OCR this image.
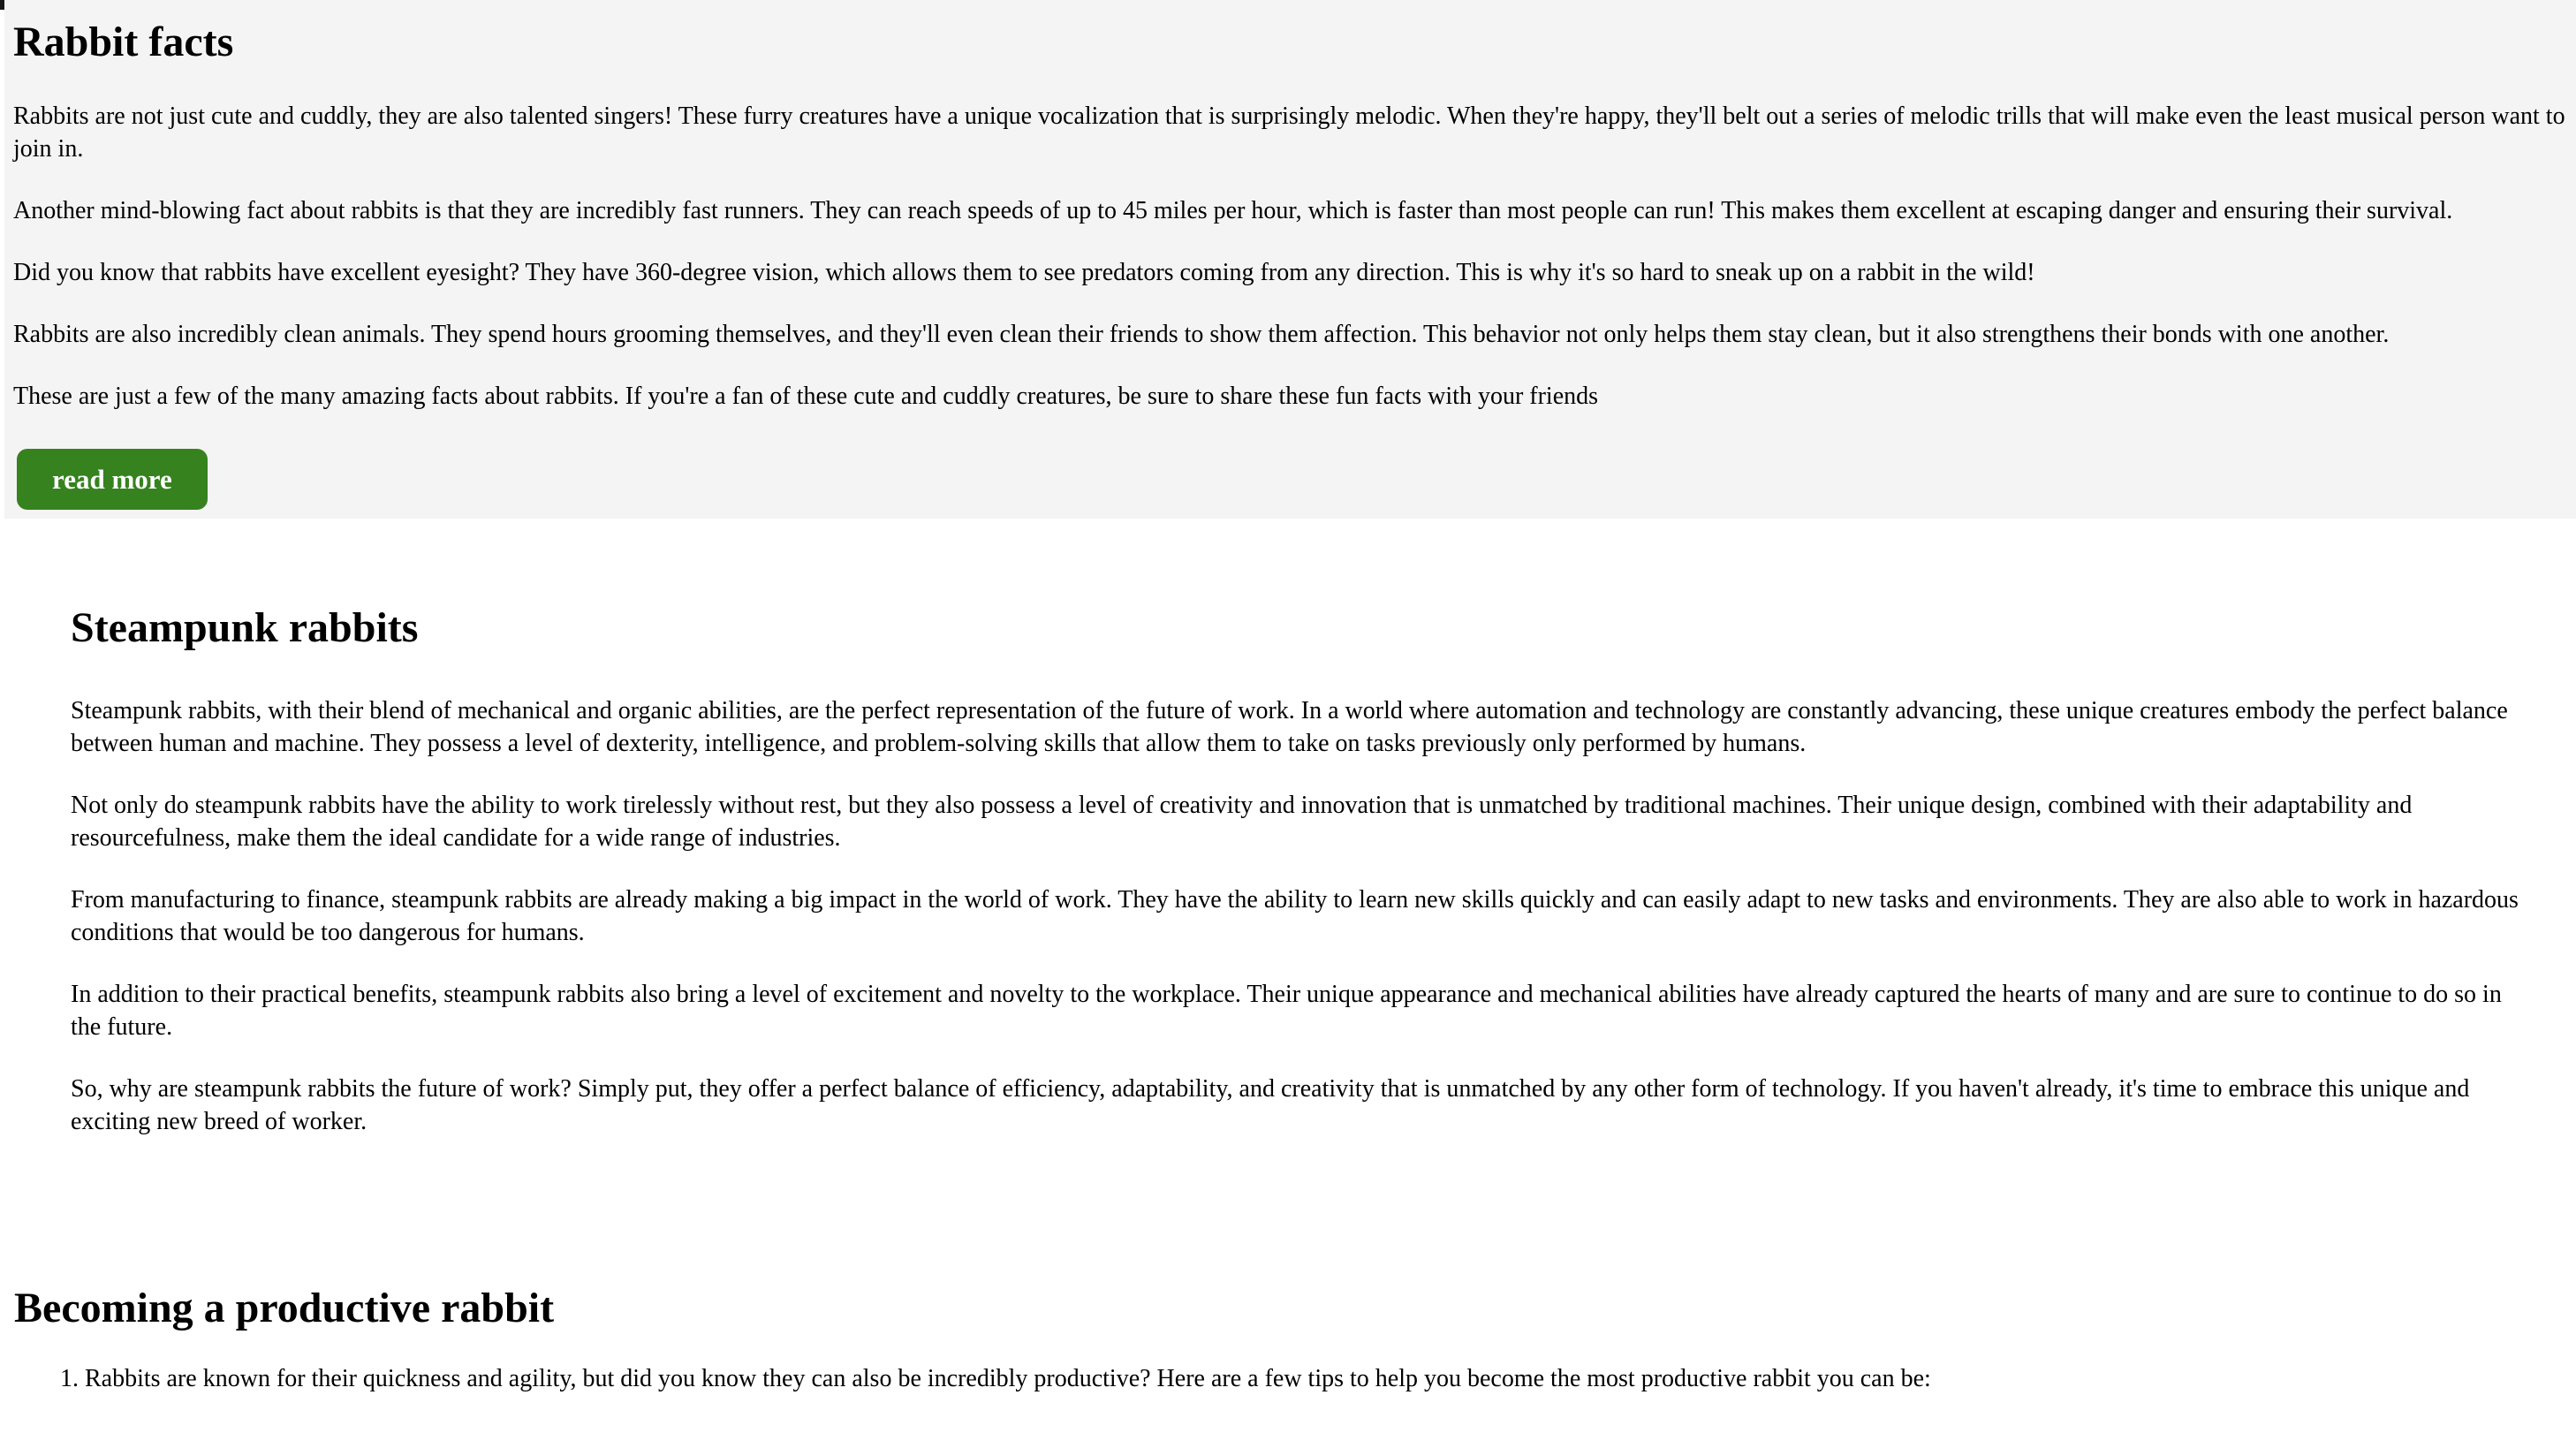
Rabbit facts

Rabbits are not just cute and cuddly, they are also talented singers! These furry creatures have a unique vocalization that is surprisingly melodic. When they're happy, they'll belt out a series of melodic trills that will make even the least musical person want to join in.

Another mind-blowing fact about rabbits is that they are incredibly fast runners. They can reach speeds of up to 45 miles per hour, which is faster than most people can run! This makes them excellent at escaping danger and ensuring their survival.

Did you know that rabbits have excellent eyesight? They have 360-degree vision, which allows them to see predators coming from any direction. This is why it's so hard to sneak up on a rabbit in the wild!

Rabbits are also incredibly clean animals. They spend hours grooming themselves, and they'll even clean their friends to show them affection. This behavior not only helps them stay clean, but it also strengthens their bonds with one another.

These are just a few of the many amazing facts about rabbits. If you're a fan of these cute and cuddly creatures, be sure to share these fun facts with your friends

read more
Steampunk rabbits

Steampunk rabbits, with their blend of mechanical and organic abilities, are the perfect representation of the future of work. In a world where automation and technology are constantly advancing, these unique creatures embody the perfect balance between human and machine. They possess a level of dexterity, intelligence, and problem-solving skills that allow them to take on tasks previously only performed by humans.

Not only do steampunk rabbits have the ability to work tirelessly without rest, but they also possess a level of creativity and innovation that is unmatched by traditional machines. Their unique design, combined with their adaptability and resourcefulness, make them the ideal candidate for a wide range of industries.

From manufacturing to finance, steampunk rabbits are already making a big impact in the world of work. They have the ability to learn new skills quickly and can easily adapt to new tasks and environments. They are also able to work in hazardous conditions that would be too dangerous for humans.

In addition to their practical benefits, steampunk rabbits also bring a level of excitement and novelty to the workplace. Their unique appearance and mechanical abilities have already captured the hearts of many and are sure to continue to do so in the future.

So, why are steampunk rabbits the future of work? Simply put, they offer a perfect balance of efficiency, adaptability, and creativity that is unmatched by any other form of technology. If you haven't already, it's time to embrace this unique and exciting new breed of worker.

Becoming a productive rabbit
1. Rabbits are known for their quickness and agility, but did you know they can also be incredibly productive? Here are a few tips to help you become the most productive rabbit you can be:
